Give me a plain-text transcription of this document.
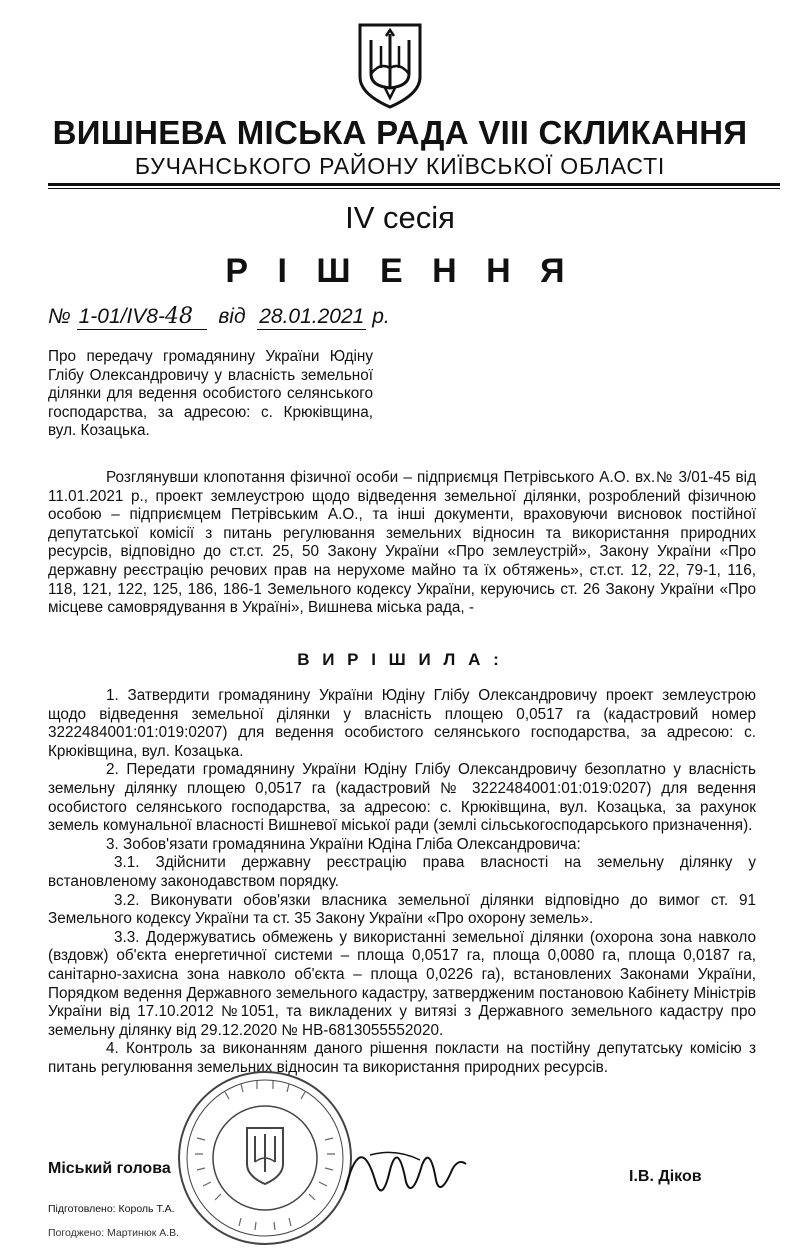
ВИШНЕВА МІСЬКА РАДА VIII СКЛИКАННЯ
БУЧАНСЬКОГО РАЙОНУ КИЇВСЬКОЇ ОБЛАСТІ
IV сесія
Р І Ш Е Н Н Я
№ 1-01/IV8-48 від 28.01.2021 р.
Про передачу громадянину України Юдіну Глібу Олександровичу у власність земельної ділянки для ведення особистого селянського господарства, за адресою: с. Крюківщина, вул. Козацька.

Розглянувши клопотання фізичної особи – підприємця Петрівського А.О. вх.№ 3/01-45 від 11.01.2021 р., проект землеустрою щодо відведення земельної ділянки, розроблений фізичною особою – підприємцем Петрівським А.О., та інші документи, враховуючи висновок постійної депутатської комісії з питань регулювання земельних відносин та використання природних ресурсів, відповідно до ст.ст. 25, 50 Закону України «Про землеустрій», Закону України «Про державну реєстрацію речових прав на нерухоме майно та їх обтяжень», ст.ст. 12, 22, 79-1, 116, 118, 121, 122, 125, 186, 186-1 Земельного кодексу України, керуючись ст. 26 Закону України «Про місцеве самоврядування в Україні», Вишнева міська рада, -

В И Р І Ш И Л А :

1. Затвердити громадянину України Юдіну Глібу Олександровичу проект землеустрою щодо відведення земельної ділянки у власність площею 0,0517 га (кадастровий номер 3222484001:01:019:0207) для ведення особистого селянського господарства, за адресою: с. Крюківщина, вул. Козацька.

2. Передати громадянину України Юдіну Глібу Олександровичу безоплатно у власність земельну ділянку площею 0,0517 га (кадастровий № 3222484001:01:019:0207) для ведення особистого селянського господарства, за адресою: с. Крюківщина, вул. Козацька, за рахунок земель комунальної власності Вишневої міської ради (землі сільськогосподарського призначення).

3. Зобов'язати громадянина України Юдіна Гліба Олександровича:

3.1. Здійснити державну реєстрацію права власності на земельну ділянку у встановленому законодавством порядку.

3.2. Виконувати обов'язки власника земельної ділянки відповідно до вимог ст. 91 Земельного кодексу України та ст. 35 Закону України «Про охорону земель».

3.3. Додержуватись обмежень у використанні земельної ділянки (охорона зона навколо (вздовж) об'єкта енергетичної системи – площа 0,0517 га, площа 0,0080 га, площа 0,0187 га, санітарно-захисна зона навколо об'єкта – площа 0,0226 га), встановлених Законами України, Порядком ведення Державного земельного кадастру, затвердженим постановою Кабінету Міністрів України від 17.10.2012 №1051, та викладених у витязі з Державного земельного кадастру про земельну ділянку від 29.12.2020 № НВ-6813055552020.

4. Контроль за виконанням даного рішення покласти на постійну депутатську комісію з питань регулювання земельних відносин та використання природних ресурсів.

Міський голова	І.В. Діков
Підготовлено: Король Т.А.
Погоджено: Мартинюк А.В.
